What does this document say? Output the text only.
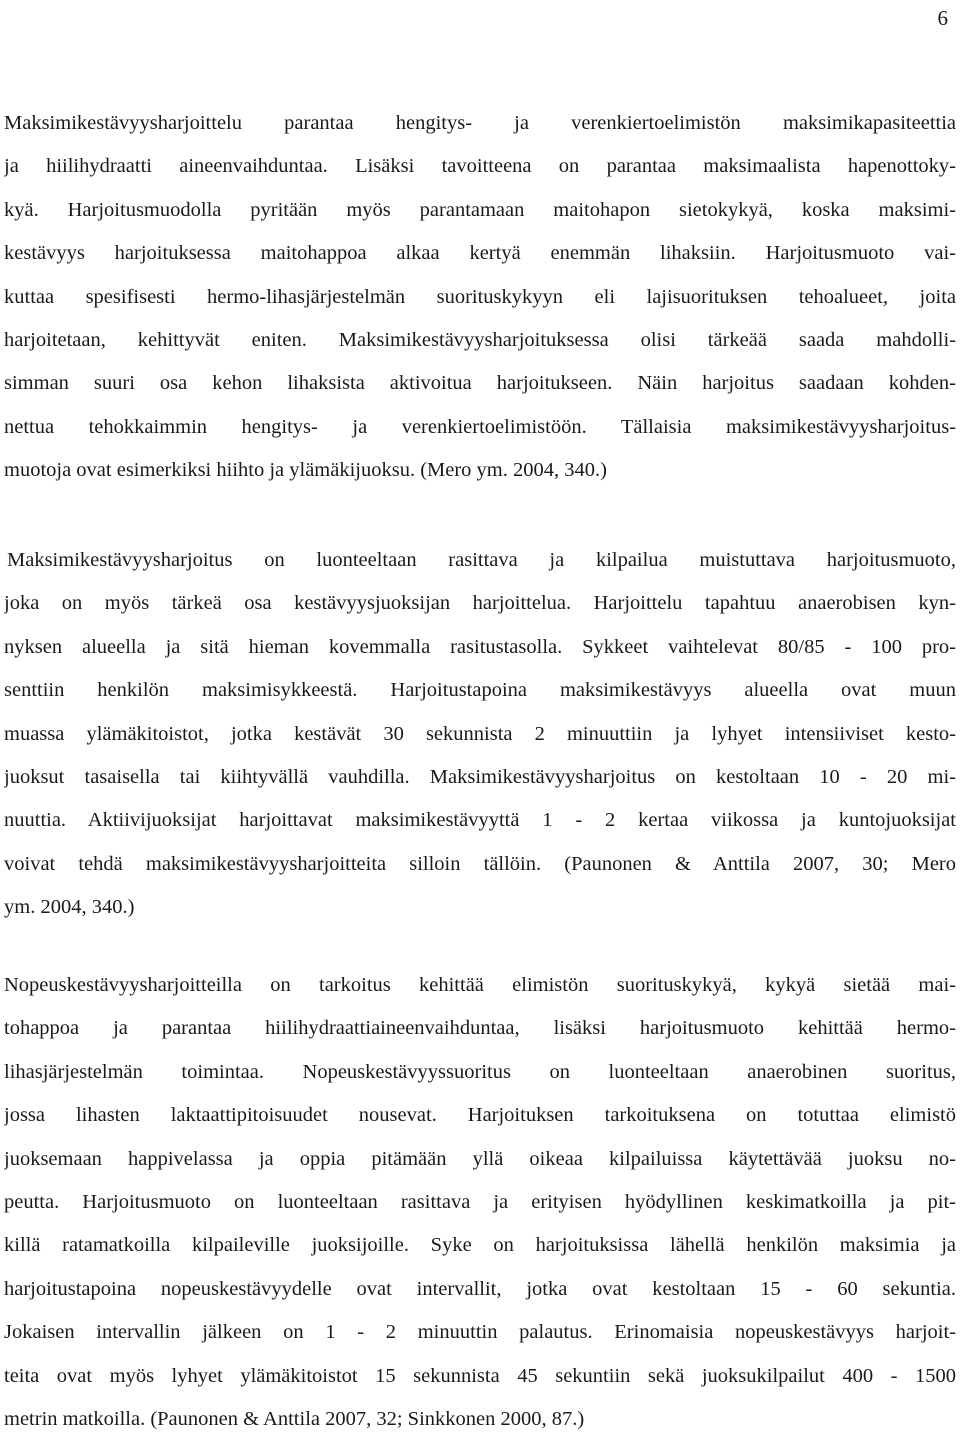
6
Maksimikestävyysharjoittelu parantaa hengitys- ja verenkiertoelimistön maksimikapasiteettia
ja hiilihydraatti aineenvaihduntaa. Lisäksi tavoitteena on parantaa maksimaalista hapenottoky-
kyä. Harjoitusmuodolla pyritään myös parantamaan maitohapon sietokykyä, koska maksimi-
kestävyys harjoituksessa maitohappoa alkaa kertyä enemmän lihaksiin. Harjoitusmuoto vai-
kuttaa spesifisesti hermo-lihasjärjestelmän suorituskykyyn eli lajisuorituksen tehoalueet, joita
harjoitetaan, kehittyvät eniten. Maksimikestävyysharjoituksessa olisi tärkeää saada mahdolli-
simman suuri osa kehon lihaksista aktivoitua harjoitukseen. Näin harjoitus saadaan kohden-
nettua tehokkaimmin hengitys- ja verenkiertoelimistöön. Tällaisia maksimikestävyysharjoitus-
muotoja ovat esimerkiksi hiihto ja ylämäkijuoksu. (Mero ym. 2004, 340.)
Maksimikestävyysharjoitus on luonteeltaan rasittava ja kilpailua muistuttava harjoitusmuoto,
joka on myös tärkeä osa kestävyysjuoksijan harjoittelua. Harjoittelu tapahtuu anaerobisen kyn-
nyksen alueella ja sitä hieman kovemmalla rasitustasolla. Sykkeet vaihtelevat 80/85 - 100 pro-
senttiin henkilön maksimisykkeestä. Harjoitustapoina maksimikestävyys alueella ovat muun
muassa ylämäkitoistot, jotka kestävät 30 sekunnista 2 minuuttiin ja lyhyet intensiiviset kesto-
juoksut tasaisella tai kiihtyvällä vauhdilla. Maksimikestävyysharjoitus on kestoltaan 10 - 20 mi-
nuuttia. Aktiivijuoksijat harjoittavat maksimikestävyyttä 1 - 2 kertaa viikossa ja kuntojuoksijat
voivat tehdä maksimikestävyysharjoitteita silloin tällöin. (Paunonen & Anttila 2007, 30; Mero
ym. 2004, 340.)
Nopeuskestävyysharjoitteilla on tarkoitus kehittää elimistön suorituskykyä, kykyä sietää mai-
tohappoa ja parantaa hiilihydraattiaineenvaihduntaa, lisäksi harjoitusmuoto kehittää hermo-
lihasjärjestelmän toimintaa. Nopeuskestävyyssuoritus on luonteeltaan anaerobinen suoritus,
jossa lihasten laktaattipitoisuudet nousevat. Harjoituksen tarkoituksena on totuttaa elimistö
juoksemaan happivelassa ja oppia pitämään yllä oikeaa kilpailuissa käytettävää juoksu no-
peutta. Harjoitusmuoto on luonteeltaan rasittava ja erityisen hyödyllinen keskimatkoilla ja pit-
killä ratamatkoilla kilpaileville juoksijoille. Syke on harjoituksissa lähellä henkilön maksimia ja
harjoitustapoina nopeuskestävyydelle ovat intervallit, jotka ovat kestoltaan 15 - 60 sekuntia.
Jokaisen intervallin jälkeen on 1 - 2 minuuttin palautus. Erinomaisia nopeuskestävyys harjoit-
teita ovat myös lyhyet ylämäkitoistot 15 sekunnista 45 sekuntiin sekä juoksukilpailut 400 - 1500
metrin matkoilla. (Paunonen & Anttila 2007, 32; Sinkkonen 2000, 87.)
